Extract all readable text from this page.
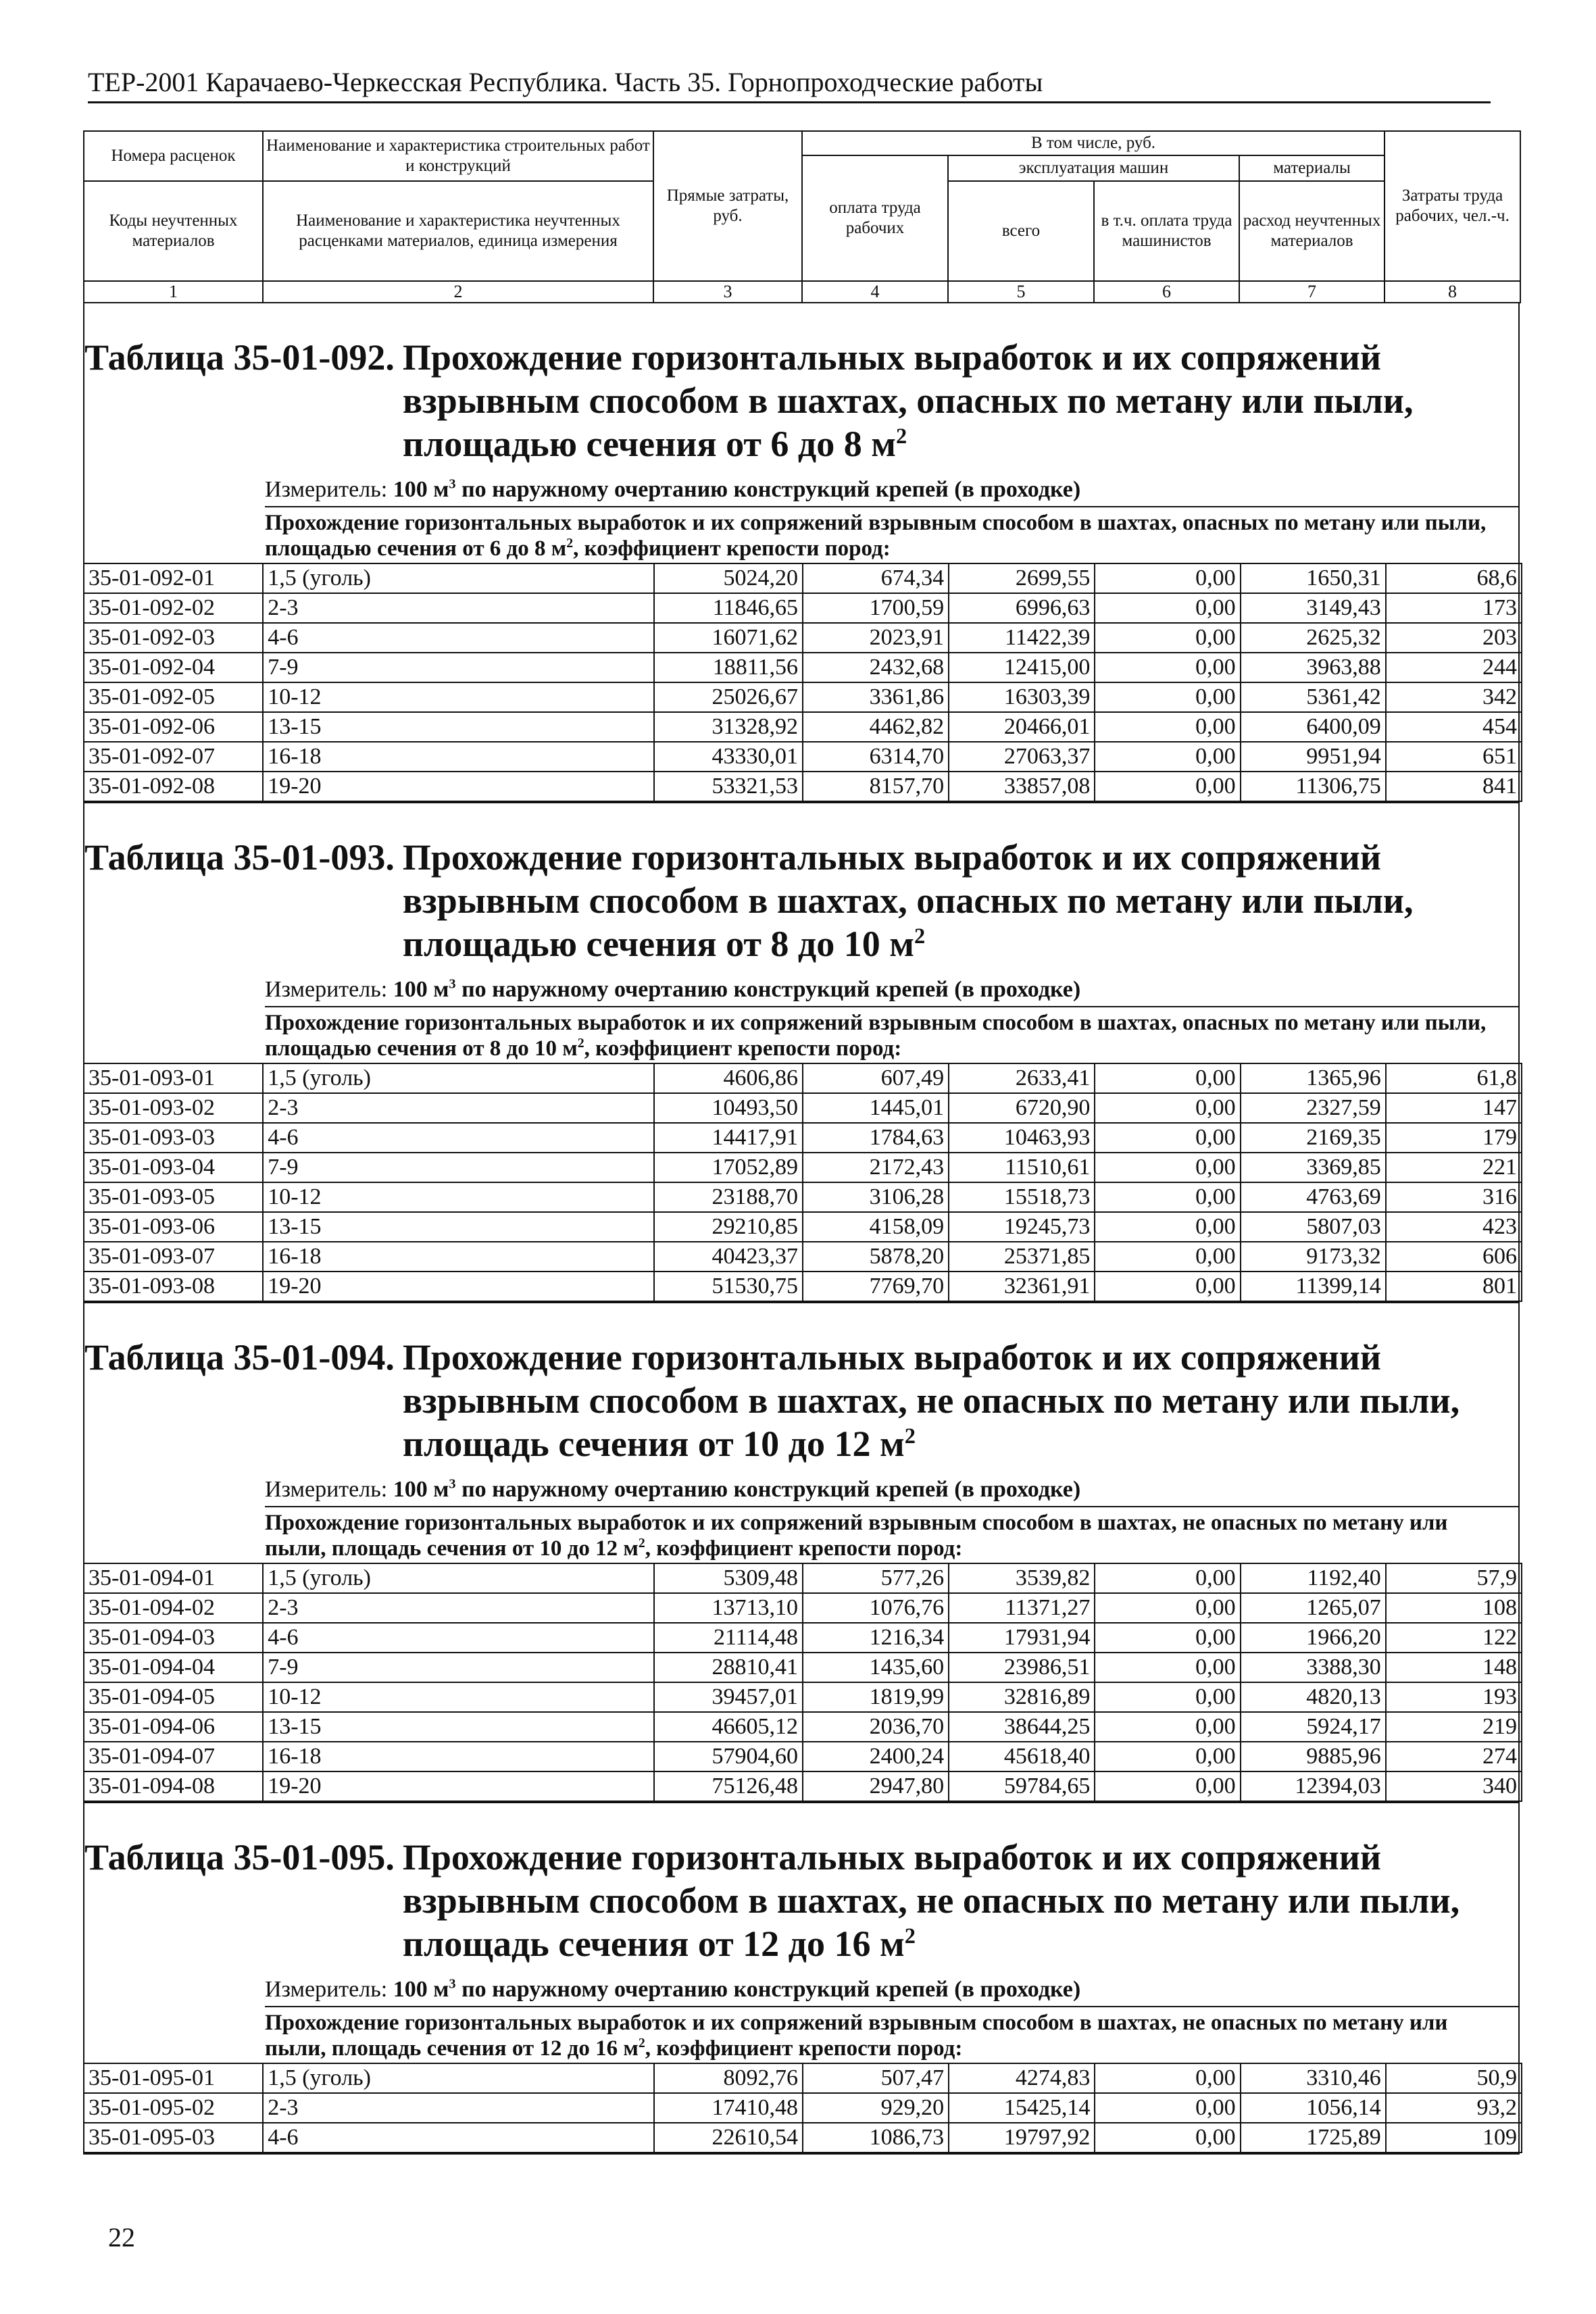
ТЕР-2001 Карачаево-Черкесская Республика. Часть 35. Горнопроходческие работы
Номера расценок	Наименование и характеристика строительных работ и конструкций	Прямые затраты, руб.	В том числе, руб.				Затраты труда рабочих, чел.-ч.
			оплата труда рабочих	эксплуатация машин		материалы	
Коды неучтенных материалов	Наименование и характеристика неучтенных расценками материалов, единица измерения			всего	в т.ч. оплата труда машинистов	расход неучтенных материалов	

1	2	3	4	5	6	7	8
Таблица 35-01-092. Прохождение горизонтальных выработок и их сопряжений взрывным способом в шахтах, опасных по метану или пыли, площадью сечения от 6 до 8 $м^2$
Измеритель: 100 $м^3$ по наружному очертанию конструкций крепей (в проходке)
Прохождение горизонтальных выработок и их сопряжений взрывным способом в шахтах, опасных по метану или пыли, площадью сечения от 6 до 8 $м^2$, коэффициент крепости пород:
35-01-092-01	1,5 (уголь)	5024,20	674,34	2699,55	0,00	1650,31	68,6
35-01-092-02	2-3	11846,65	1700,59	6996,63	0,00	3149,43	173
35-01-092-03	4-6	16071,62	2023,91	11422,39	0,00	2625,32	203
35-01-092-04	7-9	18811,56	2432,68	12415,00	0,00	3963,88	244
35-01-092-05	10-12	25026,67	3361,86	16303,39	0,00	5361,42	342
35-01-092-06	13-15	31328,92	4462,82	20466,01	0,00	6400,09	454
35-01-092-07	16-18	43330,01	6314,70	27063,37	0,00	9951,94	651
35-01-092-08	19-20	53321,53	8157,70	33857,08	0,00	11306,75	841
Таблица 35-01-093. Прохождение горизонтальных выработок и их сопряжений взрывным способом в шахтах, опасных по метану или пыли, площадью сечения от 8 до 10 $м^2$
Измеритель: 100 $м^3$ по наружному очертанию конструкций крепей (в проходке)
Прохождение горизонтальных выработок и их сопряжений взрывным способом в шахтах, опасных по метану или пыли, площадью сечения от 8 до 10 $м^2$, коэффициент крепости пород:
35-01-093-01	1,5 (уголь)	4606,86	607,49	2633,41	0,00	1365,96	61,8
35-01-093-02	2-3	10493,50	1445,01	6720,90	0,00	2327,59	147
35-01-093-03	4-6	14417,91	1784,63	10463,93	0,00	2169,35	179
35-01-093-04	7-9	17052,89	2172,43	11510,61	0,00	3369,85	221
35-01-093-05	10-12	23188,70	3106,28	15518,73	0,00	4763,69	316
35-01-093-06	13-15	29210,85	4158,09	19245,73	0,00	5807,03	423
35-01-093-07	16-18	40423,37	5878,20	25371,85	0,00	9173,32	606
35-01-093-08	19-20	51530,75	7769,70	32361,91	0,00	11399,14	801
Таблица 35-01-094. Прохождение горизонтальных выработок и их сопряжений взрывным способом в шахтах, не опасных по метану или пыли, площадь сечения от 10 до 12 $м^2$
Измеритель: 100 $м^3$ по наружному очертанию конструкций крепей (в проходке)
Прохождение горизонтальных выработок и их сопряжений взрывным способом в шахтах, не опасных по метану или пыли, площадь сечения от 10 до 12 $м^2$, коэффициент крепости пород:
35-01-094-01	1,5 (уголь)	5309,48	577,26	3539,82	0,00	1192,40	57,9
35-01-094-02	2-3	13713,10	1076,76	11371,27	0,00	1265,07	108
35-01-094-03	4-6	21114,48	1216,34	17931,94	0,00	1966,20	122
35-01-094-04	7-9	28810,41	1435,60	23986,51	0,00	3388,30	148
35-01-094-05	10-12	39457,01	1819,99	32816,89	0,00	4820,13	193
35-01-094-06	13-15	46605,12	2036,70	38644,25	0,00	5924,17	219
35-01-094-07	16-18	57904,60	2400,24	45618,40	0,00	9885,96	274
35-01-094-08	19-20	75126,48	2947,80	59784,65	0,00	12394,03	340
Таблица 35-01-095. Прохождение горизонтальных выработок и их сопряжений взрывным способом в шахтах, не опасных по метану или пыли, площадь сечения от 12 до 16 $м^2$
Измеритель: 100 $м^3$ по наружному очертанию конструкций крепей (в проходке)
Прохождение горизонтальных выработок и их сопряжений взрывным способом в шахтах, не опасных по метану или пыли, площадь сечения от 12 до 16 $м^2$, коэффициент крепости пород:
35-01-095-01	1,5 (уголь)	8092,76	507,47	4274,83	0,00	3310,46	50,9
35-01-095-02	2-3	17410,48	929,20	15425,14	0,00	1056,14	93,2
35-01-095-03	4-6	22610,54	1086,73	19797,92	0,00	1725,89	109
22
